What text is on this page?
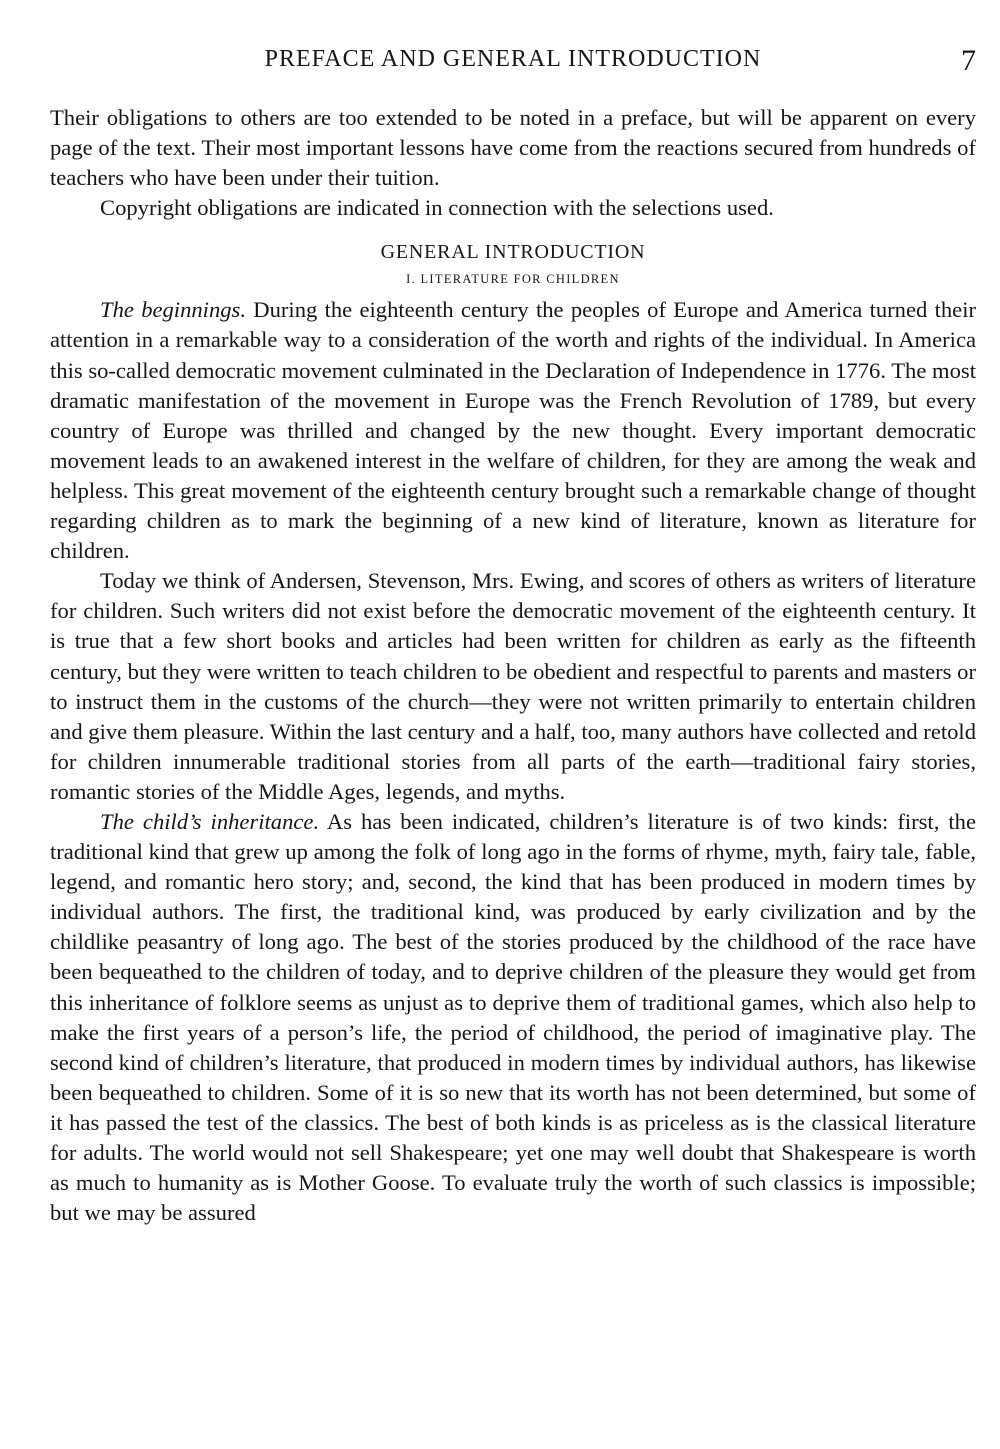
PREFACE AND GENERAL INTRODUCTION	7

Their obligations to others are too extended to be noted in a preface, but will be apparent on every page of the text. Their most important lessons have come from the reactions secured from hundreds of teachers who have been under their tuition.

Copyright obligations are indicated in connection with the selections used.

GENERAL INTRODUCTION
I. LITERATURE FOR CHILDREN

The beginnings. During the eighteenth century the peoples of Europe and America turned their attention in a remarkable way to a consideration of the worth and rights of the individual. In America this so-called democratic movement culminated in the Declaration of Independence in 1776. The most dramatic manifestation of the movement in Europe was the French Revolution of 1789, but every country of Europe was thrilled and changed by the new thought. Every important democratic movement leads to an awakened interest in the welfare of children, for they are among the weak and helpless. This great movement of the eighteenth century brought such a remarkable change of thought regarding children as to mark the beginning of a new kind of literature, known as literature for children.

Today we think of Andersen, Stevenson, Mrs. Ewing, and scores of others as writers of literature for children. Such writers did not exist before the democratic movement of the eighteenth century. It is true that a few short books and articles had been written for children as early as the fifteenth century, but they were written to teach children to be obedient and respectful to parents and masters or to instruct them in the customs of the church—they were not written primarily to entertain children and give them pleasure. Within the last century and a half, too, many authors have collected and retold for children innumerable traditional stories from all parts of the earth—traditional fairy stories, romantic stories of the Middle Ages, legends, and myths.

The child’s inheritance. As has been indicated, children’s literature is of two kinds: first, the traditional kind that grew up among the folk of long ago in the forms of rhyme, myth, fairy tale, fable, legend, and romantic hero story; and, second, the kind that has been produced in modern times by individual authors. The first, the traditional kind, was produced by early civilization and by the childlike peasantry of long ago. The best of the stories produced by the childhood of the race have been bequeathed to the children of today, and to deprive children of the pleasure they would get from this inheritance of folklore seems as unjust as to deprive them of traditional games, which also help to make the first years of a person’s life, the period of childhood, the period of imaginative play. The second kind of children’s literature, that produced in modern times by individual authors, has likewise been bequeathed to children. Some of it is so new that its worth has not been determined, but some of it has passed the test of the classics. The best of both kinds is as priceless as is the classical literature for adults. The world would not sell Shakespeare; yet one may well doubt that Shakespeare is worth as much to humanity as is Mother Goose. To evaluate truly the worth of such classics is impossible; but we may be assured
